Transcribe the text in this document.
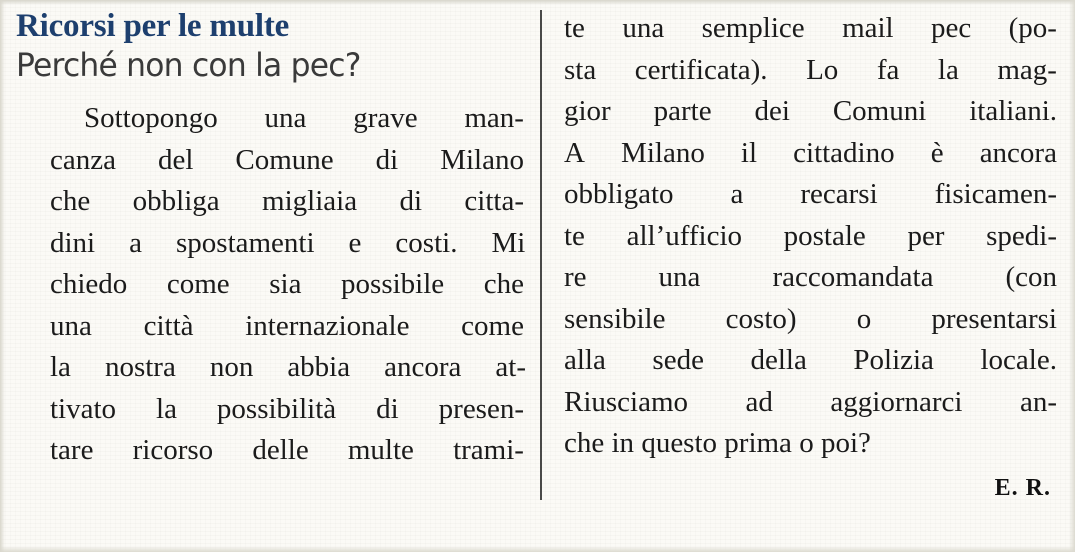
Ricorsi per le multe
Perché non con la pec?
Sottopongo	una	grave	man-
canza	del	Comune	di	Milano
che	obbliga	migliaia	di	citta-
dini	a	spostamenti	e	costi.	Mi
chiedo	come	sia	possibile	che
una	città	internazionale	come
la	nostra	non	abbia	ancora	at-
tivato	la	possibilità	di	presen-
tare	ricorso	delle	multe	trami-
te una semplice mail pec (po-
sta certificata). Lo fa la mag-
gior parte dei Comuni italiani.
A Milano il cittadino è ancora
obbligato a recarsi fisicamen-
te all’ufficio postale per spedi-
re una raccomandata (con
sensibile costo) o presentarsi
alla sede della Polizia locale.
Riusciamo ad aggiornarci an-
che
in
questo
prima
o
poi?
E. R.
